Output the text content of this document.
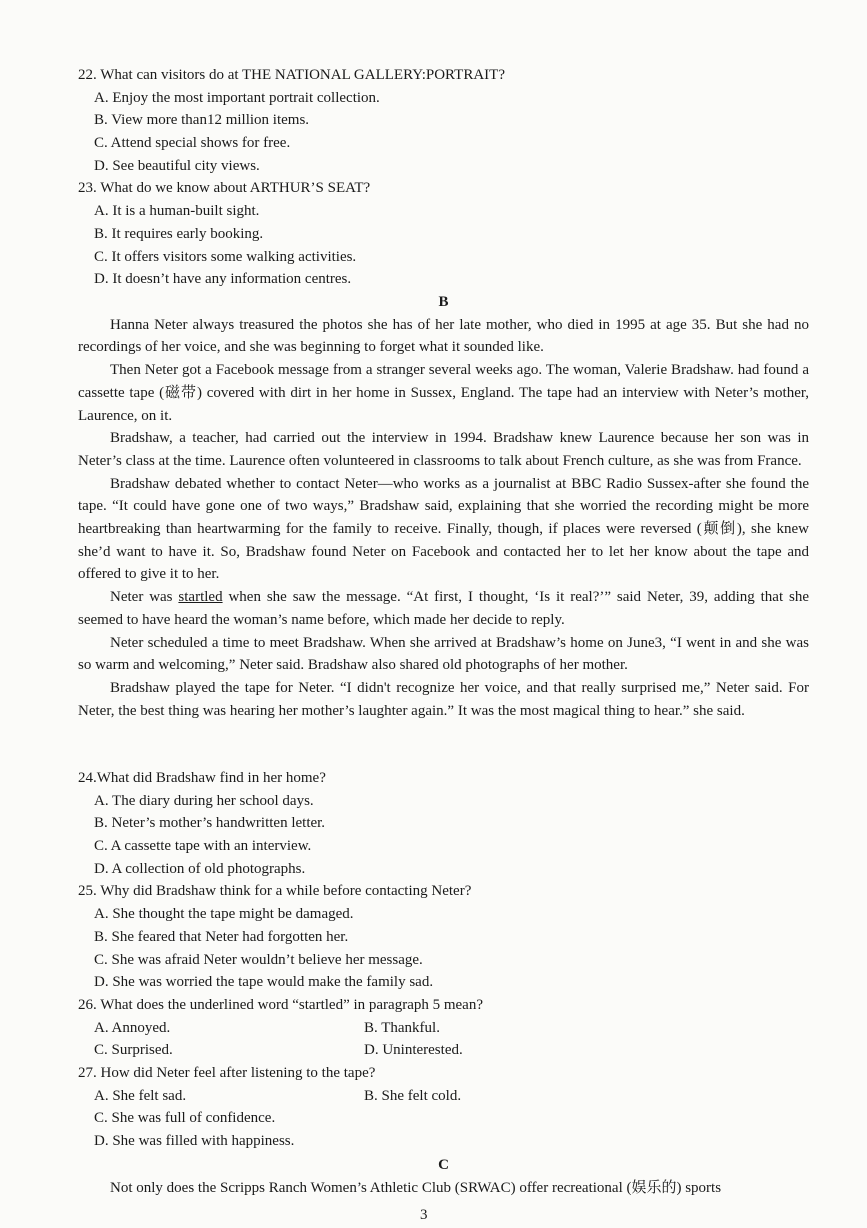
22. What can visitors do at THE NATIONAL GALLERY:PORTRAIT?
A. Enjoy the most important portrait collection.
B. View more than12 million items.
C. Attend special shows for free.
D. See beautiful city views.
23. What do we know about ARTHUR’S SEAT?
A. It is a human-built sight.
B. It requires early booking.
C. It offers visitors some walking activities.
D. It doesn’t have any information centres.
B

Hanna Neter always treasured the photos she has of her late mother, who died in 1995 at age 35. But she had no recordings of her voice, and she was beginning to forget what it sounded like.

Then Neter got a Facebook message from a stranger several weeks ago. The woman, Valerie Bradshaw. had found a cassette tape (磁带) covered with dirt in her home in Sussex, England. The tape had an interview with Neter’s mother, Laurence, on it.

Bradshaw, a teacher, had carried out the interview in 1994. Bradshaw knew Laurence because her son was in Neter’s class at the time. Laurence often volunteered in classrooms to talk about French culture, as she was from France.

Bradshaw debated whether to contact Neter—who works as a journalist at BBC Radio Sussex-after she found the tape. “It could have gone one of two ways,” Bradshaw said, explaining that she worried the recording might be more heartbreaking than heartwarming for the family to receive. Finally, though, if places were reversed (颠倒), she knew she’d want to have it. So, Bradshaw found Neter on Facebook and contacted her to let her know about the tape and offered to give it to her.

Neter was startled when she saw the message. “At first, I thought, ‘Is it real?’” said Neter, 39, adding that she seemed to have heard the woman’s name before, which made her decide to reply.

Neter scheduled a time to meet Bradshaw. When she arrived at Bradshaw’s home on June3, “I went in and she was so warm and welcoming,” Neter said. Bradshaw also shared old photographs of her mother.

Bradshaw played the tape for Neter. “I didn't recognize her voice, and that really surprised me,” Neter said. For Neter, the best thing was hearing her mother’s laughter again.” It was the most magical thing to hear.” she said.

24.What did Bradshaw find in her home?
A. The diary during her school days.
B. Neter’s mother’s handwritten letter.
C. A cassette tape with an interview.
D. A collection of old photographs.
25. Why did Bradshaw think for a while before contacting Neter?
A. She thought the tape might be damaged.
B. She feared that Neter had forgotten her.
C. She was afraid Neter wouldn’t believe her message.
D. She was worried the tape would make the family sad.
26. What does the underlined word “startled” in paragraph 5 mean?
A. Annoyed.	B. Thankful.
C. Surprised.	D. Uninterested.
27. How did Neter feel after listening to the tape?
A. She felt sad.	B. She felt cold.
C. She was full of confidence.
D. She was filled with happiness.
C

Not only does the Scripps Ranch Women’s Athletic Club (SRWAC) offer recreational (娱乐的) sports

3
